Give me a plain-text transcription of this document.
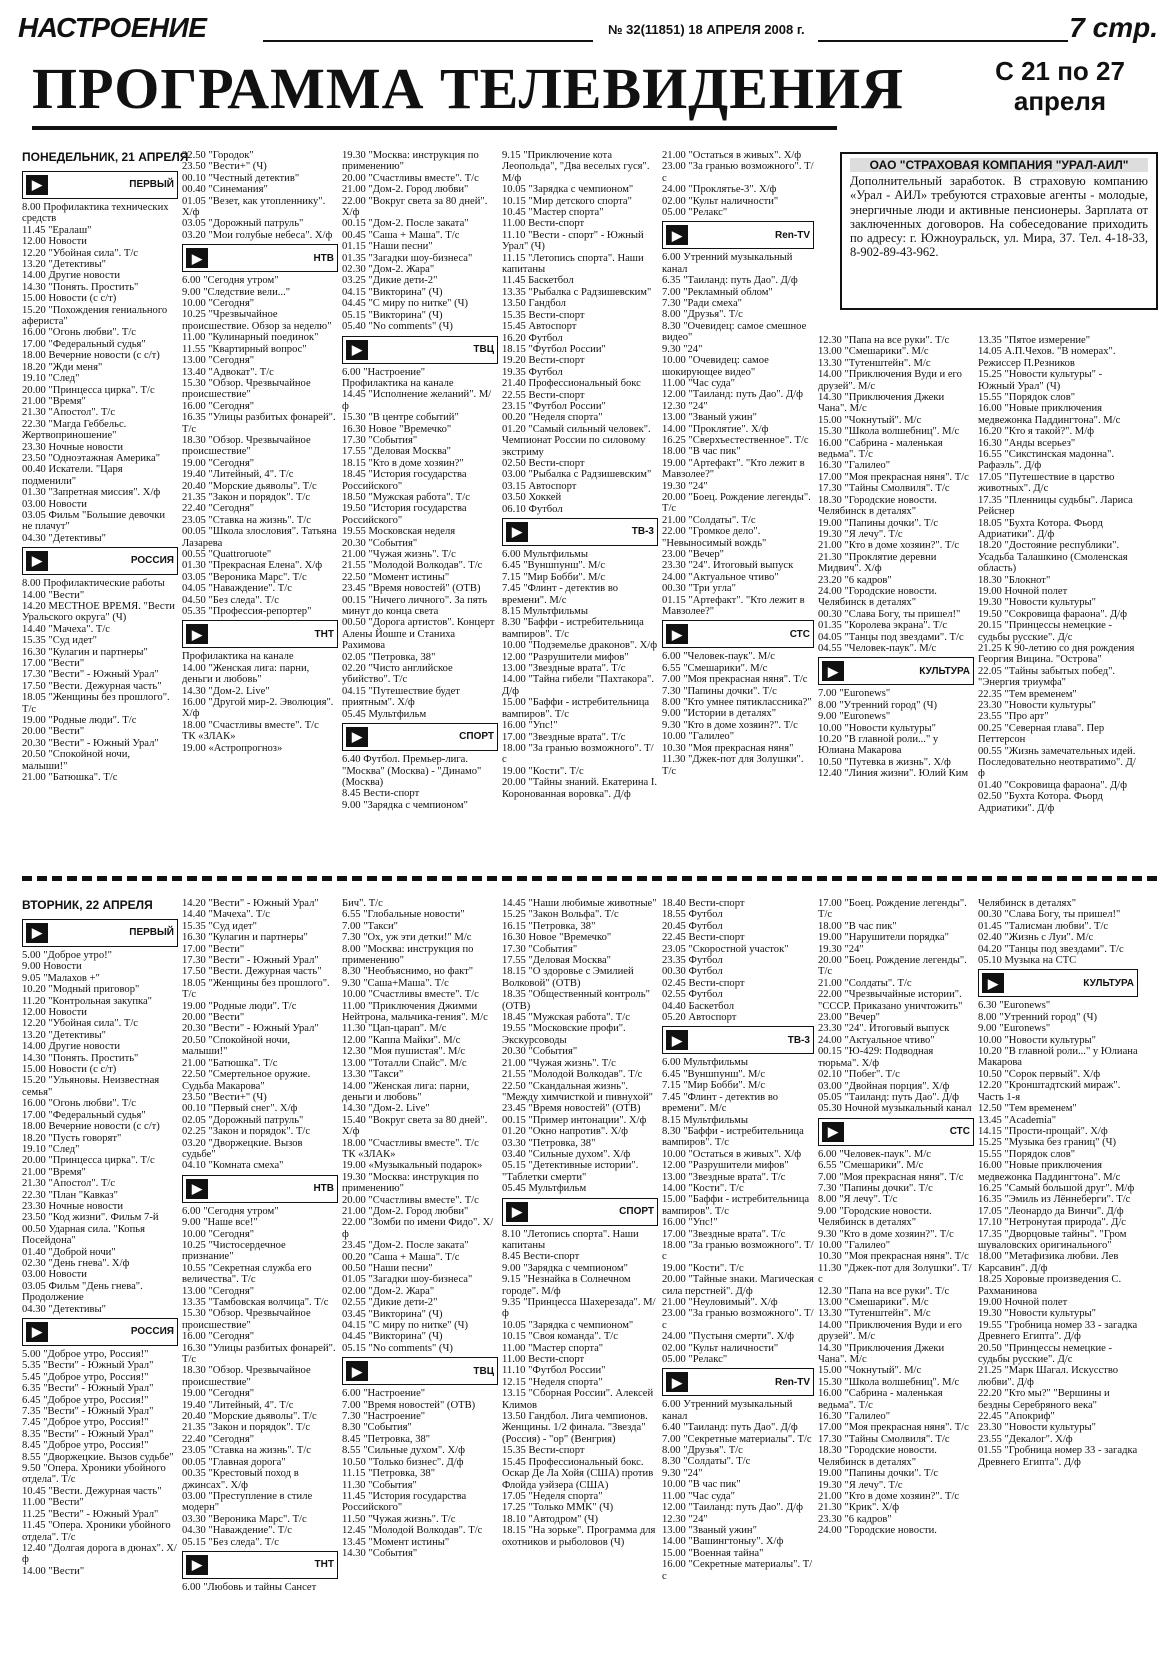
НАСТРОЕНИЕ	№ 32(11851) 18 АПРЕЛЯ 2008 г.	7 стр.
ПРОГРАММА ТЕЛЕВИДЕНИЯ	С 21 по 27
апреля
ОАО "СТРАХОВАЯ КОМПАНИЯ "УРАЛ-АИЛ"
Дополнительный заработок. В страховую компанию «Урал - АИЛ» требуются страховые агенты - молодые, энергичные люди и активные пенсионеры. Зарплата от заключенных договоров. На собеседование приходить по адресу: г. Южноуральск, ул. Мира, 37. Тел. 4-18-33, 8-902-89-43-962.
ПОНЕДЕЛЬНИК, 21 АПРЕЛЯ
ВТОРНИК, 22 АПРЕЛЯ
▶	ПЕРВЫЙ
8.00 Профилактика технических средств
11.45 "Ералаш"
12.00 Новости
12.20 "Убойная сила". Т/с
13.20 "Детективы"
14.00 Другие новости
14.30 "Понять. Простить"
15.00 Новости (с с/т)
15.20 "Похождения гениального афериста"
16.00 "Огонь любви". Т/с
17.00 "Федеральный судья"
18.00 Вечерние новости (с с/т)
18.20 "Жди меня"
19.10 "След"
20.00 "Принцесса цирка". Т/с
21.00 "Время"
21.30 "Апостол". Т/с
22.30 "Магда Геббельс. Жертвоприношение"
23.30 Ночные новости
23.50 "Одноэтажная Америка"
00.40 Искатели. "Царя подменили"
01.30 "Запретная миссия". Х/ф
03.00 Новости
03.05 Фильм "Большие девочки не плачут"
04.30 "Детективы"
▶	РОССИЯ
8.00 Профилактические работы
14.00 "Вести"
14.20 МЕСТНОЕ ВРЕМЯ. "Вести Уральского округа" (Ч)
14.40 "Мачеха". Т/с
15.35 "Суд идет"
16.30 "Кулагин и партнеры"
17.00 "Вести"
17.30 "Вести" - Южный Урал"
17.50 "Вести. Дежурная часть"
18.05 "Женщины без прошлого". Т/с
19.00 "Родные люди". Т/с
20.00 "Вести"
20.30 "Вести" - Южный Урал"
20.50 "Спокойной ночи, малыши!"
21.00 "Батюшка". Т/с
22.50 "Городок"
23.50 "Вести+" (Ч)
00.10 "Честный детектив"
00.40 "Синемания"
01.05 "Везет, как утопленнику". Х/ф
03.05 "Дорожный патруль"
03.20 "Мои голубые небеса". Х/ф
▶	НТВ
6.00 "Сегодня утром"
9.00 "Следствие вели..."
10.00 "Сегодня"
10.25 "Чрезвычайное происшествие. Обзор за неделю"
11.00 "Кулинарный поединок"
11.55 "Квартирный вопрос"
13.00 "Сегодня"
13.40 "Адвокат". Т/с
15.30 "Обзор. Чрезвычайное происшествие"
16.00 "Сегодня"
16.35 "Улицы разбитых фонарей". Т/с
18.30 "Обзор. Чрезвычайное происшествие"
19.00 "Сегодня"
19.40 "Литейный, 4". Т/с
20.40 "Морские дьяволы". Т/с
21.35 "Закон и порядок". Т/с
22.40 "Сегодня"
23.05 "Ставка на жизнь". Т/с
00.05 "Школа злословия". Татьяна Лазарева
00.55 "Quattroruote"
01.30 "Прекрасная Елена". Х/ф
03.05 "Вероника Марс". Т/с
04.05 "Наваждение". Т/с
04.50 "Без следа". Т/с
05.35 "Профессия-репортер"
▶	ТНТ
Профилактика на канале
14.00 "Женская лига: парни, деньги и любовь"
14.30 "Дом-2. Live"
16.00 "Другой мир-2. Эволюция". Х/ф
18.00 "Счастливы вместе". Т/с
ТК «ЗЛАК»
19.00 «Астропрогноз»
19.30 "Москва: инструкция по применению"
20.00 "Счастливы вместе". Т/с
21.00 "Дом-2. Город любви"
22.00 "Вокруг света за 80 дней". Х/ф
00.15 "Дом-2. После заката"
00.45 "Саша + Маша". Т/с
01.15 "Наши песни"
01.35 "Загадки шоу-бизнеса"
02.30 "Дом-2. Жара"
03.25 "Дикие дети-2"
04.15 "Викторина" (Ч)
04.45 "С миру по нитке" (Ч)
05.15 "Викторина" (Ч)
05.40 "No comments" (Ч)
▶	ТВЦ
6.00 "Настроение"
Профилактика на канале
14.45 "Исполнение желаний". М/ф
15.30 "В центре событий"
16.30 Новое "Времечко"
17.30 "События"
17.55 "Деловая Москва"
18.15 "Кто в доме хозяин?"
18.45 "История государства Российского"
18.50 "Мужская работа". Т/с
19.50 "История государства Российского"
19.55 Московская неделя
20.30 "События"
21.00 "Чужая жизнь". Т/с
21.55 "Молодой Волкодав". Т/с
22.50 "Момент истины"
23.45 "Время новостей" (ОТВ)
00.15 "Ничего личного". За пять минут до конца света
00.50 "Дорога артистов". Концерт Алены Йошпе и Станиха Рахимова
02.05 "Петровка, 38"
02.20 "Чисто английское убийство". Т/с
04.15 "Путешествие будет приятным". Х/ф
05.45 Мультфильм
▶	СПОРТ
6.40 Футбол. Премьер-лига. "Москва" (Москва) - "Динамо" (Москва)
8.45 Вести-спорт
9.00 "Зарядка с чемпионом"
9.15 "Приключение кота Леопольда", "Два веселых гуся". М/ф
10.05 "Зарядка с чемпионом"
10.15 "Мир детского спорта"
10.45 "Мастер спорта"
11.00 Вести-спорт
11.10 "Вести - спорт" - Южный Урал" (Ч)
11.15 "Летопись спорта". Наши капитаны
11.45 Баскетбол
13.35 "Рыбалка с Радзишевским"
13.50 Гандбол
15.35 Вести-спорт
15.45 Автоспорт
16.20 Футбол
18.15 "Футбол России"
19.20 Вести-спорт
19.35 Футбол
21.40 Профессиональный бокс
22.55 Вести-спорт
23.15 "Футбол России"
00.20 "Неделя спорта"
01.20 "Самый сильный человек". Чемпионат России по силовому экстриму
02.50 Вести-спорт
03.00 "Рыбалка с Радзишевским"
03.15 Автоспорт
03.50 Хоккей
06.10 Футбол
▶	ТВ-3
6.00 Мультфильмы
6.45 "Вуншпунш". М/с
7.15 "Мир Бобби". М/с
7.45 "Флинт - детектив во времени". М/с
8.15 Мультфильмы
8.30 "Баффи - истребительница вампиров". Т/с
10.00 "Подземелье драконов". Х/ф
12.00 "Разрушители мифов"
13.00 "Звездные врата". Т/с
14.00 "Тайна гибели "Пахтакора". Д/ф
15.00 "Баффи - истребительница вампиров". Т/с
16.00 "Упс!"
17.00 "Звездные врата". Т/с
18.00 "За гранью возможного". Т/с
19.00 "Кости". Т/с
20.00 "Тайны знаний. Екатерина I. Коронованная воровка". Д/ф
21.00 "Остаться в живых". Х/ф
23.00 "За гранью возможного". Т/с
24.00 "Проклятье-3". Х/ф
02.00 "Культ наличности"
05.00 "Релакс"
▶	Ren-TV
6.00 Утренний музыкальный канал
6.35 "Таиланд: путь Дао". Д/ф
7.00 "Рекламный облом"
7.30 "Ради смеха"
8.00 "Друзья". Т/с
8.30 "Очевидец: самое смешное видео"
9.30 "24"
10.00 "Очевидец: самое шокирующее видео"
11.00 "Час суда"
12.00 "Таиланд: путь Дао". Д/ф
12.30 "24"
13.00 "Званый ужин"
14.00 "Проклятие". Х/ф
16.25 "Сверхъестественное". Т/с
18.00 "В час пик"
19.00 "Артефакт". "Кто лежит в Мавзолее?"
19.30 "24"
20.00 "Боец. Рождение легенды". Т/с
21.00 "Солдаты". Т/с
22.00 "Громкое дело". "Невыносимый вождь"
23.00 "Вечер"
23.30 "24". Итоговый выпуск
24.00 "Актуальное чтиво"
00.30 "Три угла"
01.15 "Артефакт". "Кто лежит в Мавзолее?"
▶	СТС
6.00 "Человек-паук". М/с
6.55 "Смешарики". М/с
7.00 "Моя прекрасная няня". Т/с
7.30 "Папины дочки". Т/с
8.00 "Кто умнее пятиклассника?"
9.00 "Истории в деталях"
9.30 "Кто в доме хозяин?". Т/с
10.00 "Галилео"
10.30 "Моя прекрасная няня"
11.30 "Джек-пот для Золушки". Т/с
12.30 "Папа на все руки". Т/с
13.00 "Смешарики". М/с
13.30 "Тутенштейн". М/с
14.00 "Приключения Вуди и его друзей". М/с
14.30 "Приключения Джеки Чана". М/с
15.00 "Чокнутый". М/с
15.30 "Школа волшебниц". М/с
16.00 "Сабрина - маленькая ведьма". Т/с
16.30 "Галилео"
17.00 "Моя прекрасная няня". Т/с
17.30 "Тайны Смолвиля". Т/с
18.30 "Городские новости. Челябинск в деталях"
19.00 "Папины дочки". Т/с
19.30 "Я лечу". Т/с
21.00 "Кто в доме хозяин?". Т/с
21.30 "Проклятие деревни Мидвич". Х/ф
23.20 "6 кадров"
24.00 "Городские новости. Челябинск в деталях"
00.30 "Слава Богу, ты пришел!"
01.35 "Королева экрана". Т/с
04.05 "Танцы под звездами". Т/с
04.55 "Человек-паук". М/с
▶	КУЛЬТУРА
7.00 "Euronews"
8.00 "Утренний город" (Ч)
9.00 "Euronews"
10.00 "Новости культуры"
10.20 "В главной роли..." у Юлиана Макарова
10.50 "Путевка в жизнь". Х/ф
12.40 "Линия жизни". Юлий Ким
13.35 "Пятое измерение"
14.05 А.П.Чехов. "В номерах". Режиссер П.Резников
15.25 "Новости культуры" - Южный Урал" (Ч)
15.55 "Порядок слов"
16.00 "Новые приключения медвежонка Паддингтона". М/с
16.20 "Кто я такой?". М/ф
16.30 "Анды всерьез"
16.55 "Сикстинская мадонна". Рафаэль". Д/ф
17.05 "Путешествие в царство животных". Д/с
17.35 "Пленницы судьбы". Лариса Рейснер
18.05 "Бухта Котора. Фьорд Адриатики". Д/ф
18.20 "Достояние республики". Усадьба Талашкино (Смоленская область)
18.30 "Блокнот"
19.00 Ночной полет
19.30 "Новости культуры"
19.50 "Сокровища фараона". Д/ф
20.15 "Принцессы немецкие - судьбы русские". Д/с
21.25 К 90-летию со дня рождения Георгия Вицина. "Острова"
22.05 "Тайны забытых побед". "Энергия триумфа"
22.35 "Тем временем"
23.30 "Новости культуры"
23.55 "Про арт"
00.25 "Северная глава". Пер Петтерсон
00.55 "Жизнь замечательных идей. Последовательно неотвратимо". Д/ф
01.40 "Сокровища фараона". Д/ф
02.50 "Бухта Котора. Фьорд Адриатики". Д/ф
▶	ПЕРВЫЙ
5.00 "Доброе утро!"
9.00 Новости
9.05 "Малахов +"
10.20 "Модный приговор"
11.20 "Контрольная закупка"
12.00 Новости
12.20 "Убойная сила". Т/с
13.20 "Детективы"
14.00 Другие новости
14.30 "Понять. Простить"
15.00 Новости (с с/т)
15.20 "Ульяновы. Неизвестная семья"
16.00 "Огонь любви". Т/с
17.00 "Федеральный судья"
18.00 Вечерние новости (с с/т)
18.20 "Пусть говорят"
19.10 "След"
20.00 "Принцесса цирка". Т/с
21.00 "Время"
21.30 "Апостол". Т/с
22.30 "План "Кавказ"
23.30 Ночные новости
23.50 "Код жизни". Фильм 7-й
00.50 Ударная сила. "Копья Посейдона"
01.40 "Доброй ночи"
02.30 "День гнева". Х/ф
03.00 Новости
03.05 Фильм "День гнева". Продолжение
04.30 "Детективы"
▶	РОССИЯ
5.00 "Доброе утро, Россия!"
5.35 "Вести" - Южный Урал"
5.45 "Доброе утро, Россия!"
6.35 "Вести" - Южный Урал"
6.45 "Доброе утро, Россия!"
7.35 "Вести" - Южный Урал"
7.45 "Доброе утро, Россия!"
8.35 "Вести" - Южный Урал"
8.45 "Доброе утро, Россия!"
8.55 "Дворжецкие. Вызов судьбе"
9.50 "Опера. Хроники убойного отдела". Т/с
10.45 "Вести. Дежурная часть"
11.00 "Вести"
11.25 "Вести" - Южный Урал"
11.45 "Опера. Хроники убойного отдела". Т/с
12.40 "Долгая дорога в дюнах". Х/ф
14.00 "Вести"
14.20 "Вести" - Южный Урал"
14.40 "Мачеха". Т/с
15.35 "Суд идет"
16.30 "Кулагин и партнеры"
17.00 "Вести"
17.30 "Вести" - Южный Урал"
17.50 "Вести. Дежурная часть"
18.05 "Женщины без прошлого". Т/с
19.00 "Родные люди". Т/с
20.00 "Вести"
20.30 "Вести" - Южный Урал"
20.50 "Спокойной ночи, малыши!"
21.00 "Батюшка". Т/с
22.50 "Смертельное оружие. Судьба Макарова"
23.50 "Вести+" (Ч)
00.10 "Первый снег". Х/ф
02.05 "Дорожный патруль"
02.25 "Закон и порядок". Т/с
03.20 "Дворжецкие. Вызов судьбе"
04.10 "Комната смеха"
▶	НТВ
6.00 "Сегодня утром"
9.00 "Наше все!"
10.00 "Сегодня"
10.25 "Чистосердечное признание"
10.55 "Секретная служба его величества". Т/с
13.00 "Сегодня"
13.35 "Тамбовская волчица". Т/с
15.30 "Обзор. Чрезвычайное происшествие"
16.00 "Сегодня"
16.30 "Улицы разбитых фонарей". Т/с
18.30 "Обзор. Чрезвычайное происшествие"
19.00 "Сегодня"
19.40 "Литейный, 4". Т/с
20.40 "Морские дьяволы". Т/с
21.35 "Закон и порядок". Т/с
22.40 "Сегодня"
23.05 "Ставка на жизнь". Т/с
00.05 "Главная дорога"
00.35 "Крестовый поход в джинсах". Х/ф
03.00 "Преступление в стиле модерн"
03.30 "Вероника Марс". Т/с
04.30 "Наваждение". Т/с
05.15 "Без следа". Т/с
▶	ТНТ
6.00 "Любовь и тайны Сансет
Бич". Т/с
6.55 "Глобальные новости"
7.00 "Такси"
7.30 "Ох, уж эти детки!" М/с
8.00 "Москва: инструкция по применению"
8.30 "Необъяснимо, но факт"
9.30 "Саша+Маша". Т/с
10.00 "Счастливы вместе". Т/с
11.00 "Приключения Джимми Нейтрона, мальчика-гения". М/с
11.30 "Цап-царап". М/с
12.00 "Каппа Майки". М/с
12.30 "Моя пушистая". М/с
13.00 "Тоталли Спайс". М/с
13.30 "Такси"
14.00 "Женская лига: парни, деньги и любовь"
14.30 "Дом-2. Live"
15.40 "Вокруг света за 80 дней". Х/ф
18.00 "Счастливы вместе". Т/с
ТК «ЗЛАК»
19.00 «Музыкальный подарок»
19.30 "Москва: инструкция по применению"
20.00 "Счастливы вместе". Т/с
21.00 "Дом-2. Город любви"
22.00 "Зомби по имени Фидо". Х/ф
23.45 "Дом-2. После заката"
00.20 "Саша + Маша". Т/с
00.50 "Наши песни"
01.05 "Загадки шоу-бизнеса"
02.00 "Дом-2. Жара"
02.55 "Дикие дети-2"
03.45 "Викторина" (Ч)
04.15 "С миру по нитке" (Ч)
04.45 "Викторина" (Ч)
05.15 "No comments" (Ч)
▶	ТВЦ
6.00 "Настроение"
7.00 "Время новостей" (ОТВ)
7.30 "Настроение"
8.30 "События"
8.45 "Петровка, 38"
8.55 "Сильные духом". Х/ф
10.50 "Только бизнес". Д/ф
11.15 "Петровка, 38"
11.30 "События"
11.45 "История государства Российского"
11.50 "Чужая жизнь". Т/с
12.45 "Молодой Волкодав". Т/с
13.45 "Момент истины"
14.30 "События"
14.45 "Наши любимые животные"
15.25 "Закон Вольфа". Т/с
16.15 "Петровка, 38"
16.30 Новое "Времечко"
17.30 "События"
17.55 "Деловая Москва"
18.15 "О здоровье с Эмилией Волковой" (ОТВ)
18.35 "Общественный контроль" (ОТВ)
18.45 "Мужская работа". Т/с
19.55 "Московские профи". Экскурсоводы
20.30 "События"
21.00 "Чужая жизнь". Т/с
21.55 "Молодой Волкодав". Т/с
22.50 "Скандальная жизнь". "Между химчисткой и пивнухой"
23.45 "Время новостей" (ОТВ)
00.15 "Пример интонации". Х/ф
01.20 "Окно напротив". Х/ф
03.30 "Петровка, 38"
03.40 "Сильные духом". Х/ф
05.15 "Детективные истории". "Таблетки смерти"
05.45 Мультфильм
▶	СПОРТ
8.10 "Летопись спорта". Наши капитаны
8.45 Вести-спорт
9.00 "Зарядка с чемпионом"
9.15 "Незнайка в Солнечном городе". М/ф
9.35 "Принцесса Шахерезада". М/ф
10.05 "Зарядка с чемпионом"
10.15 "Своя команда". Т/с
11.00 "Мастер спорта"
11.00 Вести-спорт
11.10 "Футбол России"
12.15 "Неделя спорта"
13.15 "Сборная России". Алексей Климов
13.50 Гандбол. Лига чемпионов. Женщины. 1/2 финала. "Звезда" (Россия) - "ор" (Венгрия)
15.35 Вести-спорт
15.45 Профессиональный бокс. Оскар Де Ла Хойя (США) против Флойда уэйзера (США)
17.05 "Неделя спорта"
17.25 "Только ММК" (Ч)
18.10 "Автодром" (Ч)
18.15 "На зорьке". Программа для охотников и рыболовов (Ч)
18.40 Вести-спорт
18.55 Футбол
20.45 Футбол
22.45 Вести-спорт
23.05 "Скоростной участок"
23.35 Футбол
00.30 Футбол
02.45 Вести-спорт
02.55 Футбол
04.40 Баскетбол
05.20 Автоспорт
▶	ТВ-3
6.00 Мультфильмы
6.45 "Вуншпунш". М/с
7.15 "Мир Бобби". М/с
7.45 "Флинт - детектив во времени". М/с
8.15 Мультфильмы
8.30 "Баффи - истребительница вампиров". Т/с
10.00 "Остаться в живых". Х/ф
12.00 "Разрушители мифов"
13.00 "Звездные врата". Т/с
14.00 "Кости". Т/с
15.00 "Баффи - истребительница вампиров". Т/с
16.00 "Упс!"
17.00 "Звездные врата". Т/с
18.00 "За гранью возможного". Т/с
19.00 "Кости". Т/с
20.00 "Тайные знаки. Магическая сила перстней". Д/ф
21.00 "Неуловимый". Х/ф
23.00 "За гранью возможного". Т/с
24.00 "Пустыня смерти". Х/ф
02.00 "Культ наличности"
05.00 "Релакс"
▶	Ren-TV
6.00 Утренний музыкальный канал
6.40 "Таиланд: путь Дао". Д/ф
7.00 "Секретные материалы". Т/с
8.00 "Друзья". Т/с
8.30 "Солдаты". Т/с
9.30 "24"
10.00 "В час пик"
11.00 "Час суда"
12.00 "Таиланд: путь Дао". Д/ф
12.30 "24"
13.00 "Званый ужин"
14.00 "Вашингтоныу". Х/ф
15.00 "Военная тайна"
16.00 "Секретные материалы". Т/с
17.00 "Боец. Рождение легенды". Т/с
18.00 "В час пик"
19.00 "Нарушители порядка"
19.30 "24"
20.00 "Боец. Рождение легенды". Т/с
21.00 "Солдаты". Т/с
22.00 "Чрезвычайные истории". "СССР. Приказано уничтожить"
23.00 "Вечер"
23.30 "24". Итоговый выпуск
24.00 "Актуальное чтиво"
00.15 "Ю-429: Подводная тюрьма". Х/ф
02.10 "Побег". Т/с
03.00 "Двойная порция". Х/ф
05.05 "Таиланд: путь Дао". Д/ф
05.30 Ночной музыкальный канал
▶	СТС
6.00 "Человек-паук". М/с
6.55 "Смешарики". М/с
7.00 "Моя прекрасная няня". Т/с
7.30 "Папины дочки". Т/с
8.00 "Я лечу". Т/с
9.00 "Городские новости. Челябинск в деталях"
9.30 "Кто в доме хозяин?". Т/с
10.00 "Галилео"
10.30 "Моя прекрасная няня". Т/с
11.30 "Джек-пот для Золушки". Т/с
12.30 "Папа на все руки". Т/с
13.00 "Смешарики". М/с
13.30 "Тутенштейн". М/с
14.00 "Приключения Вуди и его друзей". М/с
14.30 "Приключения Джеки Чана". М/с
15.00 "Чокнутый". М/с
15.30 "Школа волшебниц". М/с
16.00 "Сабрина - маленькая ведьма". Т/с
16.30 "Галилео"
17.00 "Моя прекрасная няня". Т/с
17.30 "Тайны Смолвиля". Т/с
18.30 "Городские новости. Челябинск в деталях"
19.00 "Папины дочки". Т/с
19.30 "Я лечу". Т/с
21.00 "Кто в доме хозяин?". Т/с
21.30 "Крик". Х/ф
23.30 "6 кадров"
24.00 "Городские новости.
Челябинск в деталях"
00.30 "Слава Богу, ты пришел!"
01.45 "Талисман любви". Т/с
02.40 "Жизнь с Луи". М/с
04.20 "Танцы под звездами". Т/с
05.10 Музыка на СТС
▶	КУЛЬТУРА
6.30 "Euronews"
8.00 "Утренний город" (Ч)
9.00 "Euronews"
10.00 "Новости культуры"
10.20 "В главной роли..." у Юлиана Макарова
10.50 "Сорок первый". Х/ф
12.20 "Кронштадтский мираж". Часть 1-я
12.50 "Тем временем"
13.45 "Academia"
14.15 "Прости-прощай". Х/ф
15.25 "Музыка без границ" (Ч)
15.55 "Порядок слов"
16.00 "Новые приключения медвежонка Паддингтона". М/с
16.25 "Самый большой друг". М/ф
16.35 "Эмиль из Лённеберги". Т/с
17.05 "Леонардо да Винчи". Д/ф
17.10 "Нетронутая природа". Д/с
17.35 "Дворцовые тайны". "Гром шуваловских оригинального"
18.00 "Метафизика любви. Лев Карсавин". Д/ф
18.25 Хоровые произведения С. Рахманинова
19.00 Ночной полет
19.30 "Новости культуры"
19.55 "Гробница номер 33 - загадка Древнего Египта". Д/ф
20.50 "Принцессы немецкие - судьбы русские". Д/с
21.25 "Марк Шагал. Искусство любви". Д/ф
22.20 "Кто мы?" "Вершины и бездны Серебряного века"
22.45 "Апокриф"
23.30 "Новости культуры"
23.55 "Декалог". Х/ф
01.55 "Гробница номер 33 - загадка Древнего Египта". Д/ф
